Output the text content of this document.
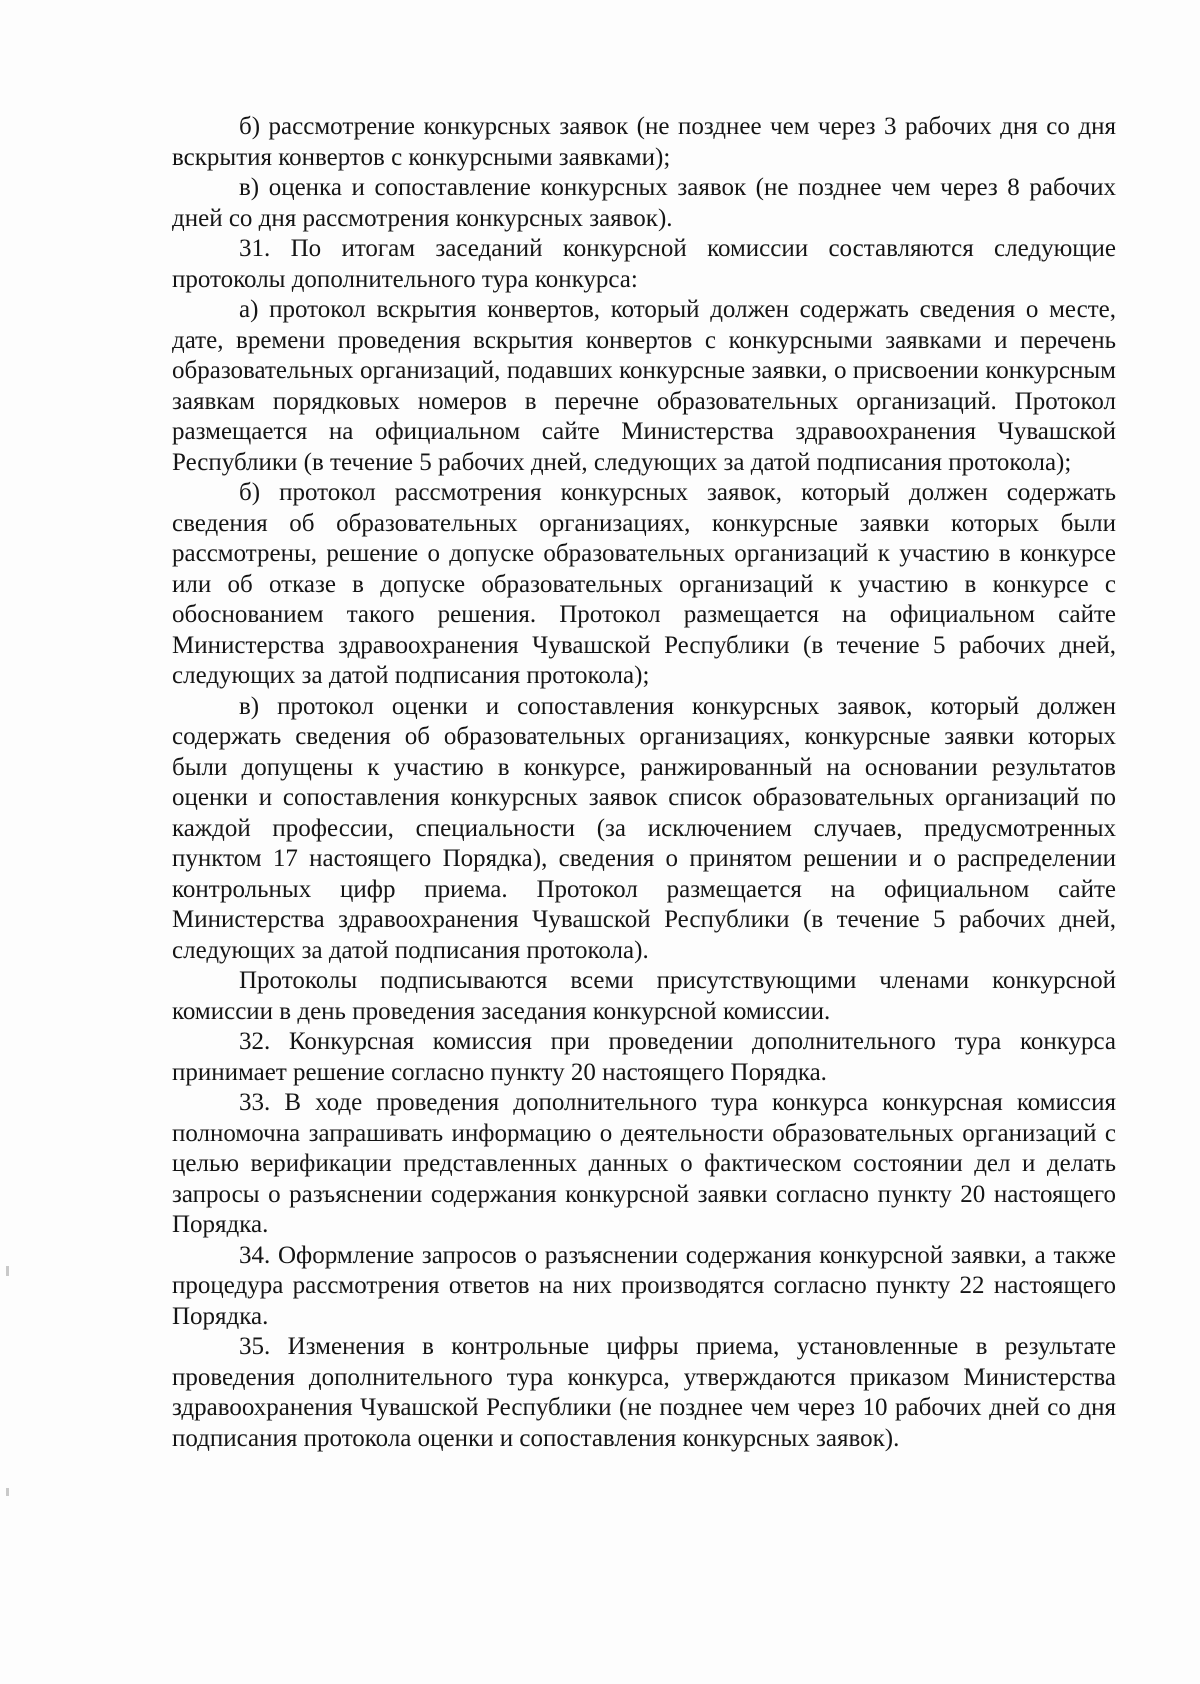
б) рассмотрение конкурсных заявок (не позднее чем через 3 рабочих дня со дня вскрытия конвертов с конкурсными заявками);

в) оценка и сопоставление конкурсных заявок (не позднее чем через 8 рабочих дней со дня рассмотрения конкурсных заявок).

31. По итогам заседаний конкурсной комиссии составляются следующие протоколы дополнительного тура конкурса:

а) протокол вскрытия конвертов, который должен содержать сведения о месте, дате, времени проведения вскрытия конвертов с конкурсными заявками и перечень образовательных организаций, подавших конкурсные заявки, о присвоении конкурсным заявкам порядковых номеров в перечне образовательных организаций. Протокол размещается на официальном сайте Министерства здравоохранения Чувашской Республики (в течение 5 рабочих дней, следующих за датой подписания протокола);

б) протокол рассмотрения конкурсных заявок, который должен содержать сведения об образовательных организациях, конкурсные заявки которых были рассмотрены, решение о допуске образовательных организаций к участию в конкурсе или об отказе в допуске образовательных организаций к участию в конкурсе с обоснованием такого решения. Протокол размещается на официальном сайте Министерства здравоохранения Чувашской Республики (в течение 5 рабочих дней, следующих за датой подписания протокола);

в) протокол оценки и сопоставления конкурсных заявок, который должен содержать сведения об образовательных организациях, конкурсные заявки которых были допущены к участию в конкурсе, ранжированный на основании результатов оценки и сопоставления конкурсных заявок список образовательных организаций по каждой профессии, специальности (за исключением случаев, предусмотренных пунктом 17 настоящего Порядка), сведения о принятом решении и о распределении контрольных цифр приема. Протокол размещается на официальном сайте Министерства здравоохранения Чувашской Республики (в течение 5 рабочих дней, следующих за датой подписания протокола).

Протоколы подписываются всеми присутствующими членами конкурсной комиссии в день проведения заседания конкурсной комиссии.

32. Конкурсная комиссия при проведении дополнительного тура конкурса принимает решение согласно пункту 20 настоящего Порядка.

33. В ходе проведения дополнительного тура конкурса конкурсная комиссия полномочна запрашивать информацию о деятельности образовательных организаций с целью верификации представленных данных о фактическом состоянии дел и делать запросы о разъяснении содержания конкурсной заявки согласно пункту 20 настоящего Порядка.

34. Оформление запросов о разъяснении содержания конкурсной заявки, а также процедура рассмотрения ответов на них производятся согласно пункту 22 настоящего Порядка.

35. Изменения в контрольные цифры приема, установленные в результате проведения дополнительного тура конкурса, утверждаются приказом Министерства здравоохранения Чувашской Республики (не позднее чем через 10 рабочих дней со дня подписания протокола оценки и сопоставления конкурсных заявок).
